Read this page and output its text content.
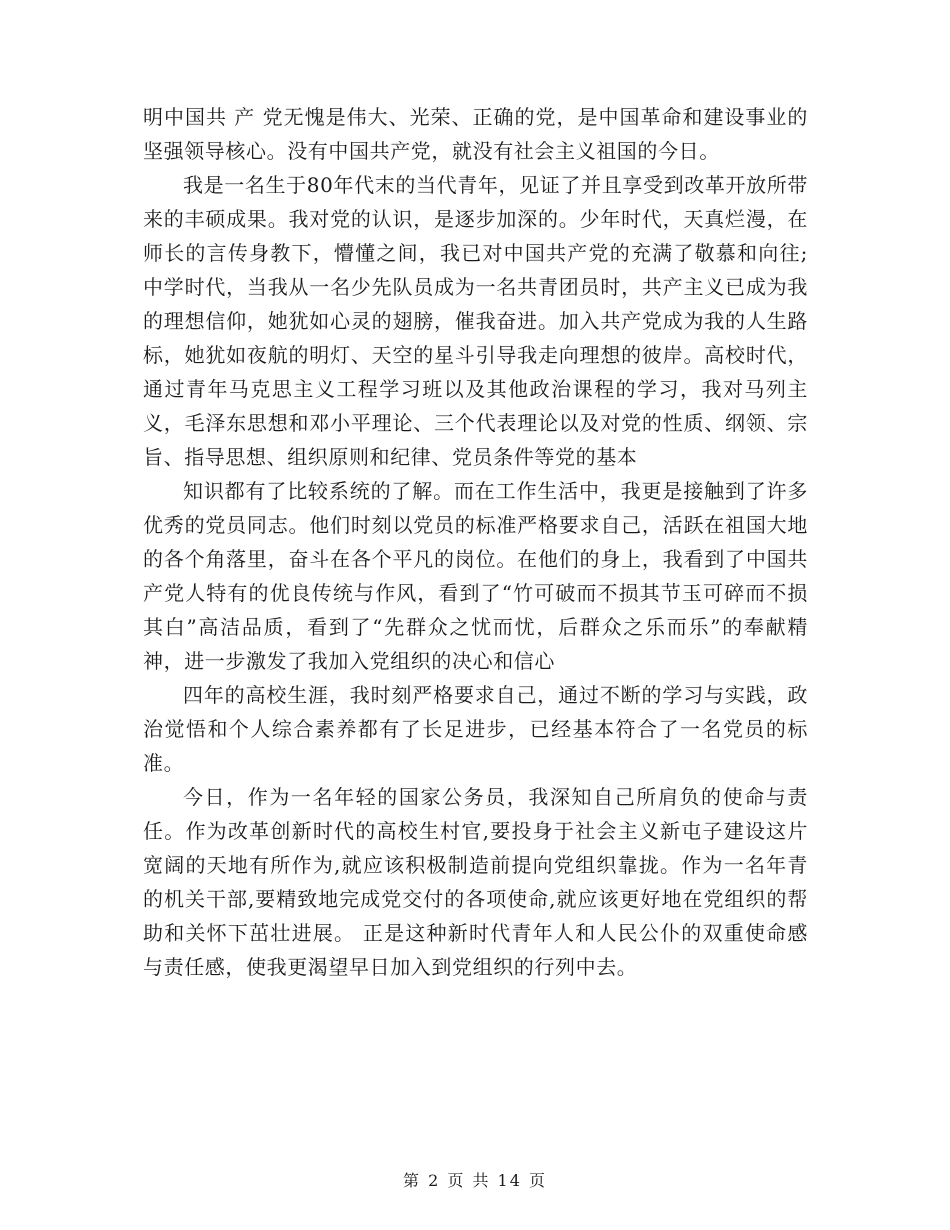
明中国共 产 党无愧是伟大、光荣、正确的党，是中国革命和建设事业的坚强领导核心。没有中国共产党，就没有社会主义祖国的今日。

我是一名生于80年代末的当代青年，见证了并且享受到改革开放所带来的丰硕成果。我对党的认识，是逐步加深的。少年时代，天真烂漫，在师长的言传身教下，懵懂之间，我已对中国共产党的充满了敬慕和向往;中学时代，当我从一名少先队员成为一名共青团员时，共产主义已成为我的理想信仰，她犹如心灵的翅膀，催我奋进。加入共产党成为我的人生路标，她犹如夜航的明灯、天空的星斗引导我走向理想的彼岸。高校时代，通过青年马克思主义工程学习班以及其他政治课程的学习，我对马列主义，毛泽东思想和邓小平理论、三个代表理论以及对党的性质、纲领、宗旨、指导思想、组织原则和纪律、党员条件等党的基本

知识都有了比较系统的了解。而在工作生活中，我更是接触到了许多优秀的党员同志。他们时刻以党员的标准严格要求自己，活跃在祖国大地的各个角落里，奋斗在各个平凡的岗位。在他们的身上，我看到了中国共产党人特有的优良传统与作风，看到了“竹可破而不损其节玉可碎而不损其白”高洁品质，看到了“先群众之忧而忧，后群众之乐而乐”的奉献精神，进一步激发了我加入党组织的决心和信心

四年的高校生涯，我时刻严格要求自己，通过不断的学习与实践，政治觉悟和个人综合素养都有了长足进步，已经基本符合了一名党员的标准。

今日，作为一名年轻的国家公务员，我深知自己所肩负的使命与责任。作为改革创新时代的高校生村官,要投身于社会主义新屯子建设这片宽阔的天地有所作为,就应该积极制造前提向党组织靠拢。作为一名年青的机关干部,要精致地完成党交付的各项使命,就应该更好地在党组织的帮助和关怀下茁壮进展。 正是这种新时代青年人和人民公仆的双重使命感与责任感，使我更渴望早日加入到党组织的行列中去。

第 2 页 共 14 页
